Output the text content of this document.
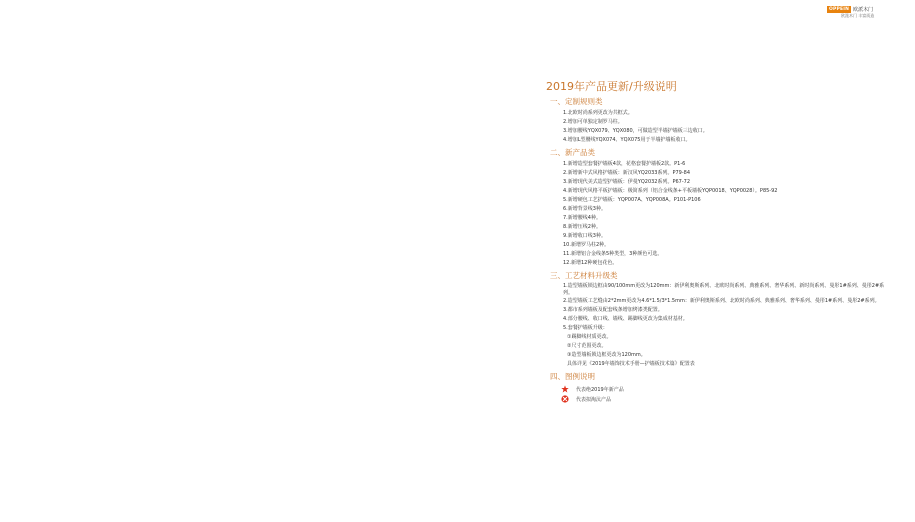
OPPEIN 欧派木门
欧派木门 丰富质造
2019年产品更新/升级说明
一、定制规则类
1.北欧时尚系列更改为共框式。
2.增加可单独定制罗马柱。
3.增加腰线YQX079、YQX080，可做造型半墙护墙板三边收口。
4.增加L型腰线YQX074、YQX075用于半墙护墙板收口。
二、新产品类
1.新增造型套餐护墙板4款，花格套餐护墙板2款。P1-6
2.新增新中式风格护墙板：新汉风YQ2033系列。P79-84
3.新增现代美式造型护墙板：伊曼YQ2032系列。P67-72
4.新增现代风格平板护墙板：极简系列（铝合金线条+平板墙板YQP0018、YQP0028）。P85-92
5.新增硬包工艺护墙板：YQP007A、YQP008A。P101-P106
6.新增背景线3种。
7.新增腰线4种。
8.新增压线2种。
9.新增收口线3种。
10.新增罗马柱2种。
11.新增铝合金线条5种类型，3种颜色可选。
12.新增12种硬包花色。
三、工艺材料升级类
1.造型墙板锁边框由90/100mm更改为120mm：新伊利奥斯系列、北欧时尚系列、典雅系列、奢华系列、新时尚系列、曼彤1#系列、曼彤2#系列。
2.造型墙板工艺缝由2*2mm更改为4.6*1.5/3*1.5mm：新伊利奥斯系列、北欧时尚系列、典雅系列、奢华系列、曼彤1#系列、曼彤2#系列。
3.都市系列墙板及配套线条增加烤漆类配置。
4.部分腰线、收口线、墙线、踢脚线更改为集成材基材。
5.套餐护墙板升级：
①踢脚线材质更改。
②尺寸范围更改。
③造型墙板锁边框更改为120mm。
具体详见《2019年墙饰技术手册—护墙板技术篇》配置表
四、图例说明
代表绝2019年新产品
代表拟淘汰产品
